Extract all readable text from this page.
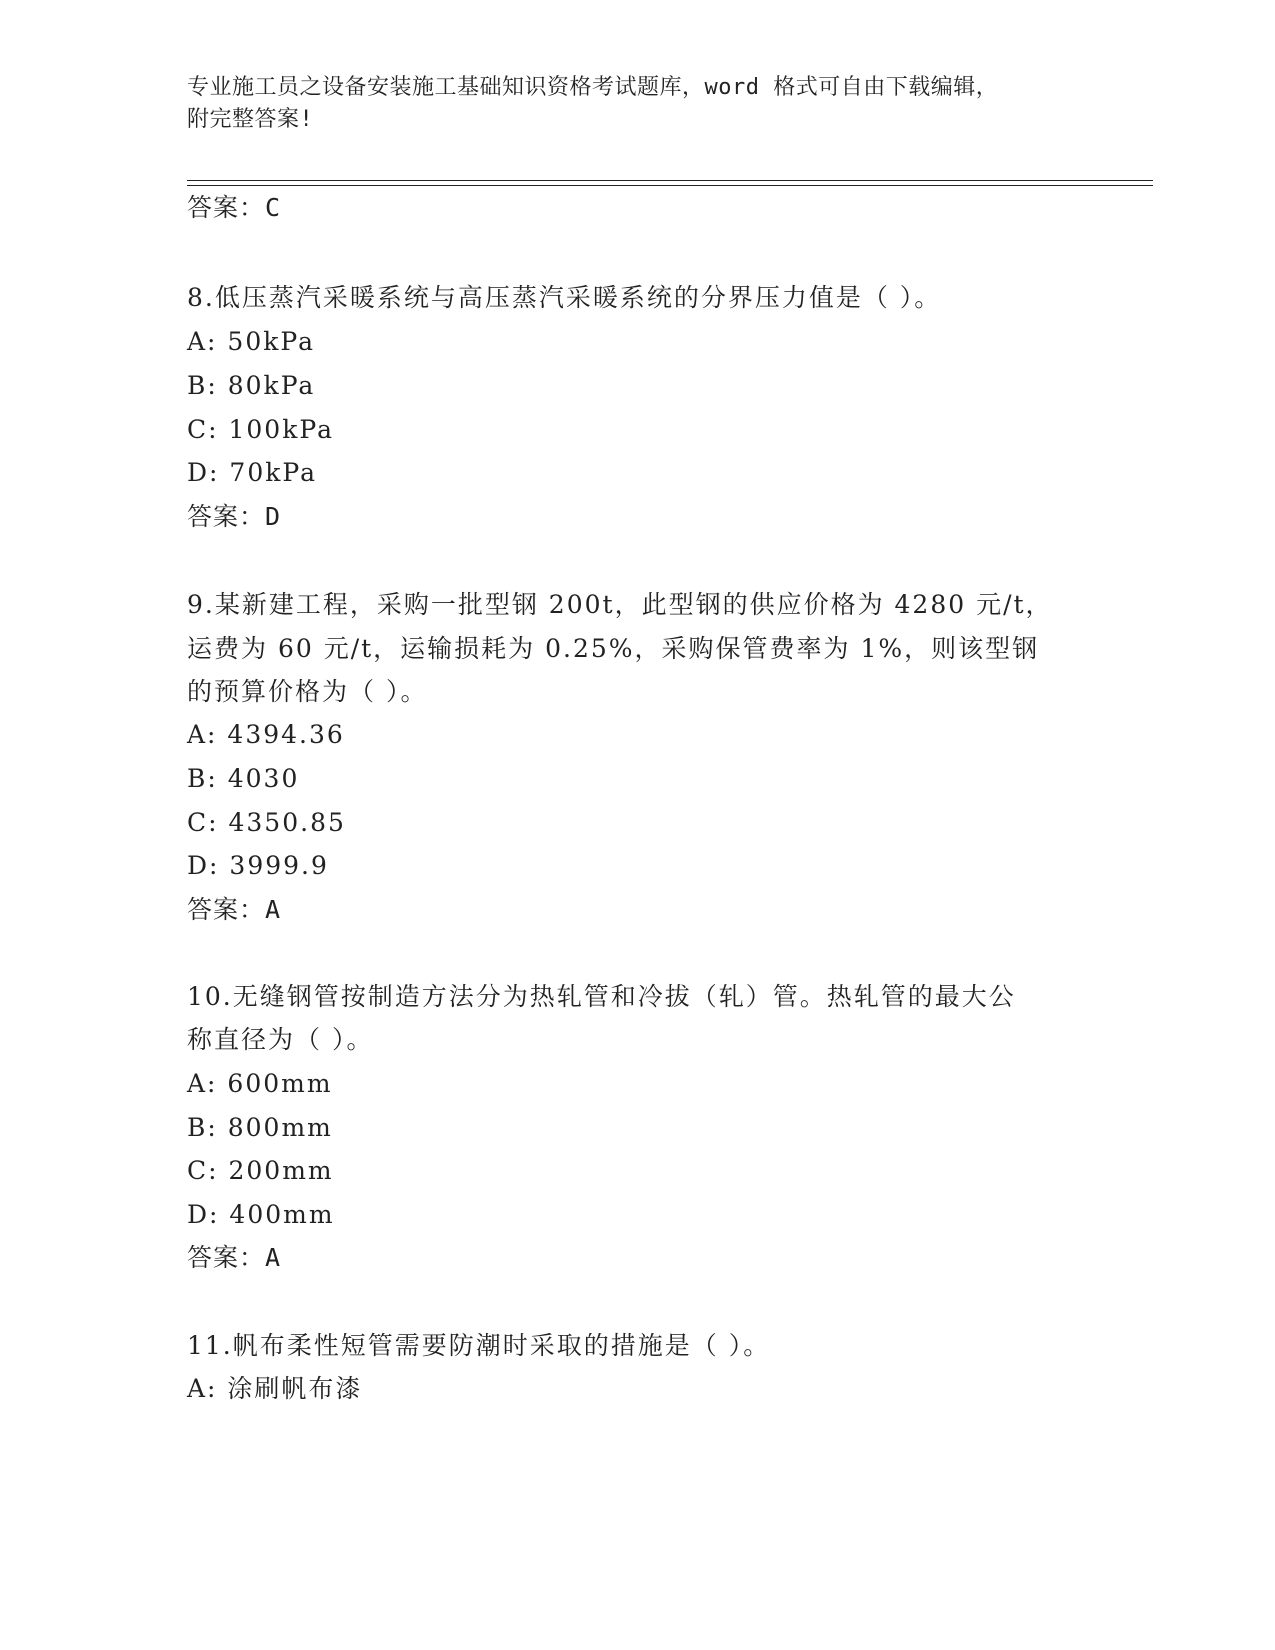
专业施工员之设备安装施工基础知识资格考试题库，word 格式可自由下载编辑，
附完整答案!
答案：C
8.低压蒸汽采暖系统与高压蒸汽采暖系统的分界压力值是（ ）。
A: 50kPa
B: 80kPa
C: 100kPa
D: 70kPa
答案：D
9.某新建工程，采购一批型钢 200t，此型钢的供应价格为 4280 元/t，
运费为 60 元/t，运输损耗为 0.25%，采购保管费率为 1%，则该型钢
的预算价格为（ ）。
A: 4394.36
B: 4030
C: 4350.85
D: 3999.9
答案：A
10.无缝钢管按制造方法分为热轧管和冷拔（轧）管。热轧管的最大公
称直径为（ ）。
A: 600mm
B: 800mm
C: 200mm
D: 400mm
答案：A
11.帆布柔性短管需要防潮时采取的措施是（ ）。
A: 涂刷帆布漆
